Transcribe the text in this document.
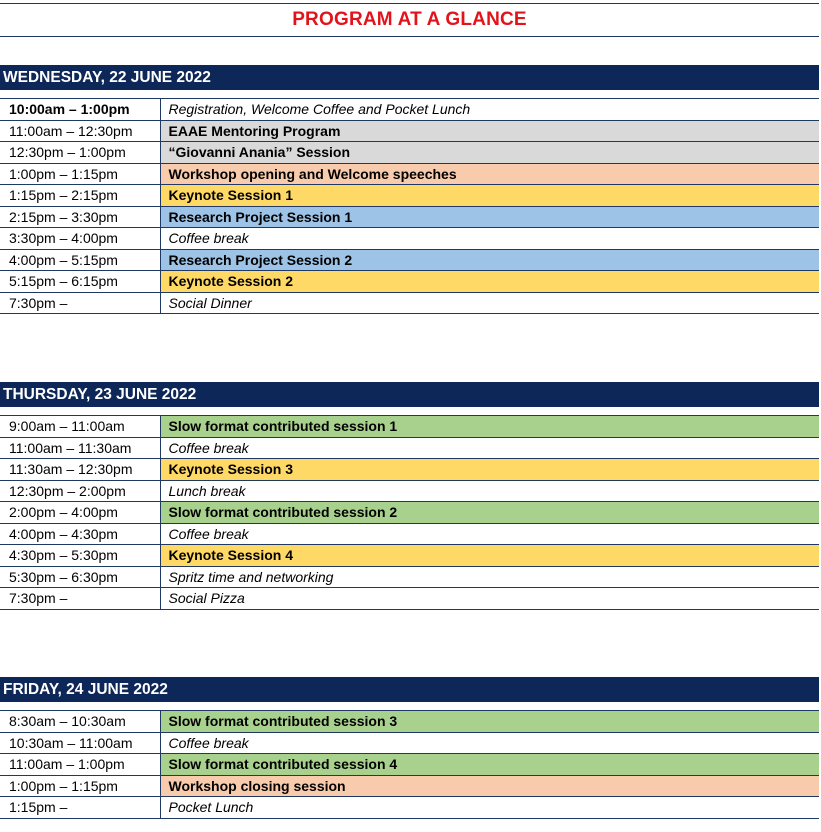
PROGRAM AT A GLANCE
WEDNESDAY, 22 JUNE 2022
10:00am – 1:00pm	Registration, Welcome Coffee and Pocket Lunch
11:00am – 12:30pm	EAAE Mentoring Program
12:30pm – 1:00pm	“Giovanni Anania” Session
1:00pm – 1:15pm	Workshop opening and Welcome speeches
1:15pm – 2:15pm	Keynote Session 1
2:15pm – 3:30pm	Research Project Session 1
3:30pm – 4:00pm	Coffee break
4:00pm – 5:15pm	Research Project Session 2
5:15pm – 6:15pm	Keynote Session 2
7:30pm –	Social Dinner
THURSDAY, 23 JUNE 2022
9:00am – 11:00am	Slow format contributed session 1
11:00am – 11:30am	Coffee break
11:30am – 12:30pm	Keynote Session 3
12:30pm – 2:00pm	Lunch break
2:00pm – 4:00pm	Slow format contributed session 2
4:00pm – 4:30pm	Coffee break
4:30pm – 5:30pm	Keynote Session 4
5:30pm – 6:30pm	Spritz time and networking
7:30pm –	Social Pizza
FRIDAY, 24 JUNE 2022
8:30am – 10:30am	Slow format contributed session 3
10:30am – 11:00am	Coffee break
11:00am – 1:00pm	Slow format contributed session 4
1:00pm – 1:15pm	Workshop closing session
1:15pm –	Pocket Lunch
